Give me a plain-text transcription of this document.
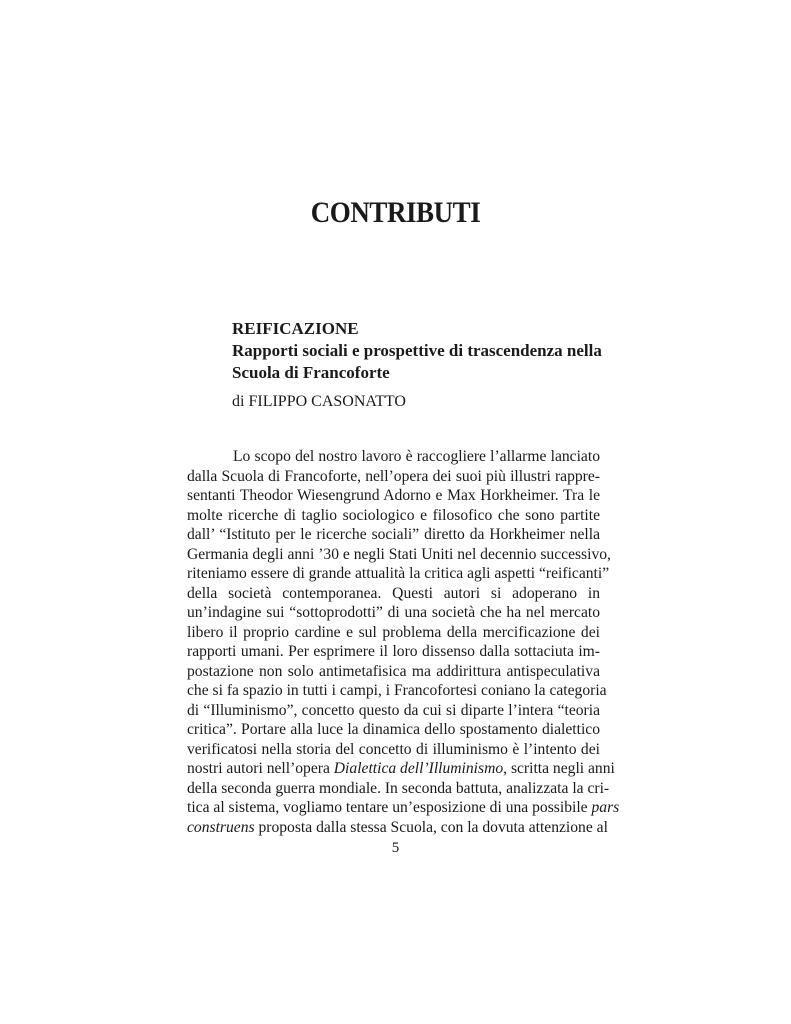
CONTRIBUTI
REIFICAZIONE
Rapporti sociali e prospettive di trascendenza nella
Scuola di Francoforte
di FILIPPO CASONATTO
Lo scopo del nostro lavoro è raccogliere l’allarme lanciato
dalla Scuola di Francoforte, nell’opera dei suoi più illustri rappre-
sentanti Theodor Wiesengrund Adorno e Max Horkheimer. Tra le
molte ricerche di taglio sociologico e filosofico che sono partite
dall’ “Istituto per le ricerche sociali” diretto da Horkheimer nella
Germania degli anni ’30 e negli Stati Uniti nel decennio successivo,
riteniamo essere di grande attualità la critica agli aspetti “reificanti”
della società contemporanea. Questi autori si adoperano in
un’indagine sui “sottoprodotti” di una società che ha nel mercato
libero il proprio cardine e sul problema della mercificazione dei
rapporti umani. Per esprimere il loro dissenso dalla sottaciuta im-
postazione non solo antimetafisica ma addirittura antispeculativa
che si fa spazio in tutti i campi, i Francofortesi coniano la categoria
di “Illuminismo”, concetto questo da cui si diparte l’intera “teoria
critica”. Portare alla luce la dinamica dello spostamento dialettico
verificatosi nella storia del concetto di illuminismo è l’intento dei
nostri autori nell’opera Dialettica dell’Illuminismo, scritta negli anni
della seconda guerra mondiale. In seconda battuta, analizzata la cri-
tica al sistema, vogliamo tentare un’esposizione di una possibile pars
construens proposta dalla stessa Scuola, con la dovuta attenzione al
5
